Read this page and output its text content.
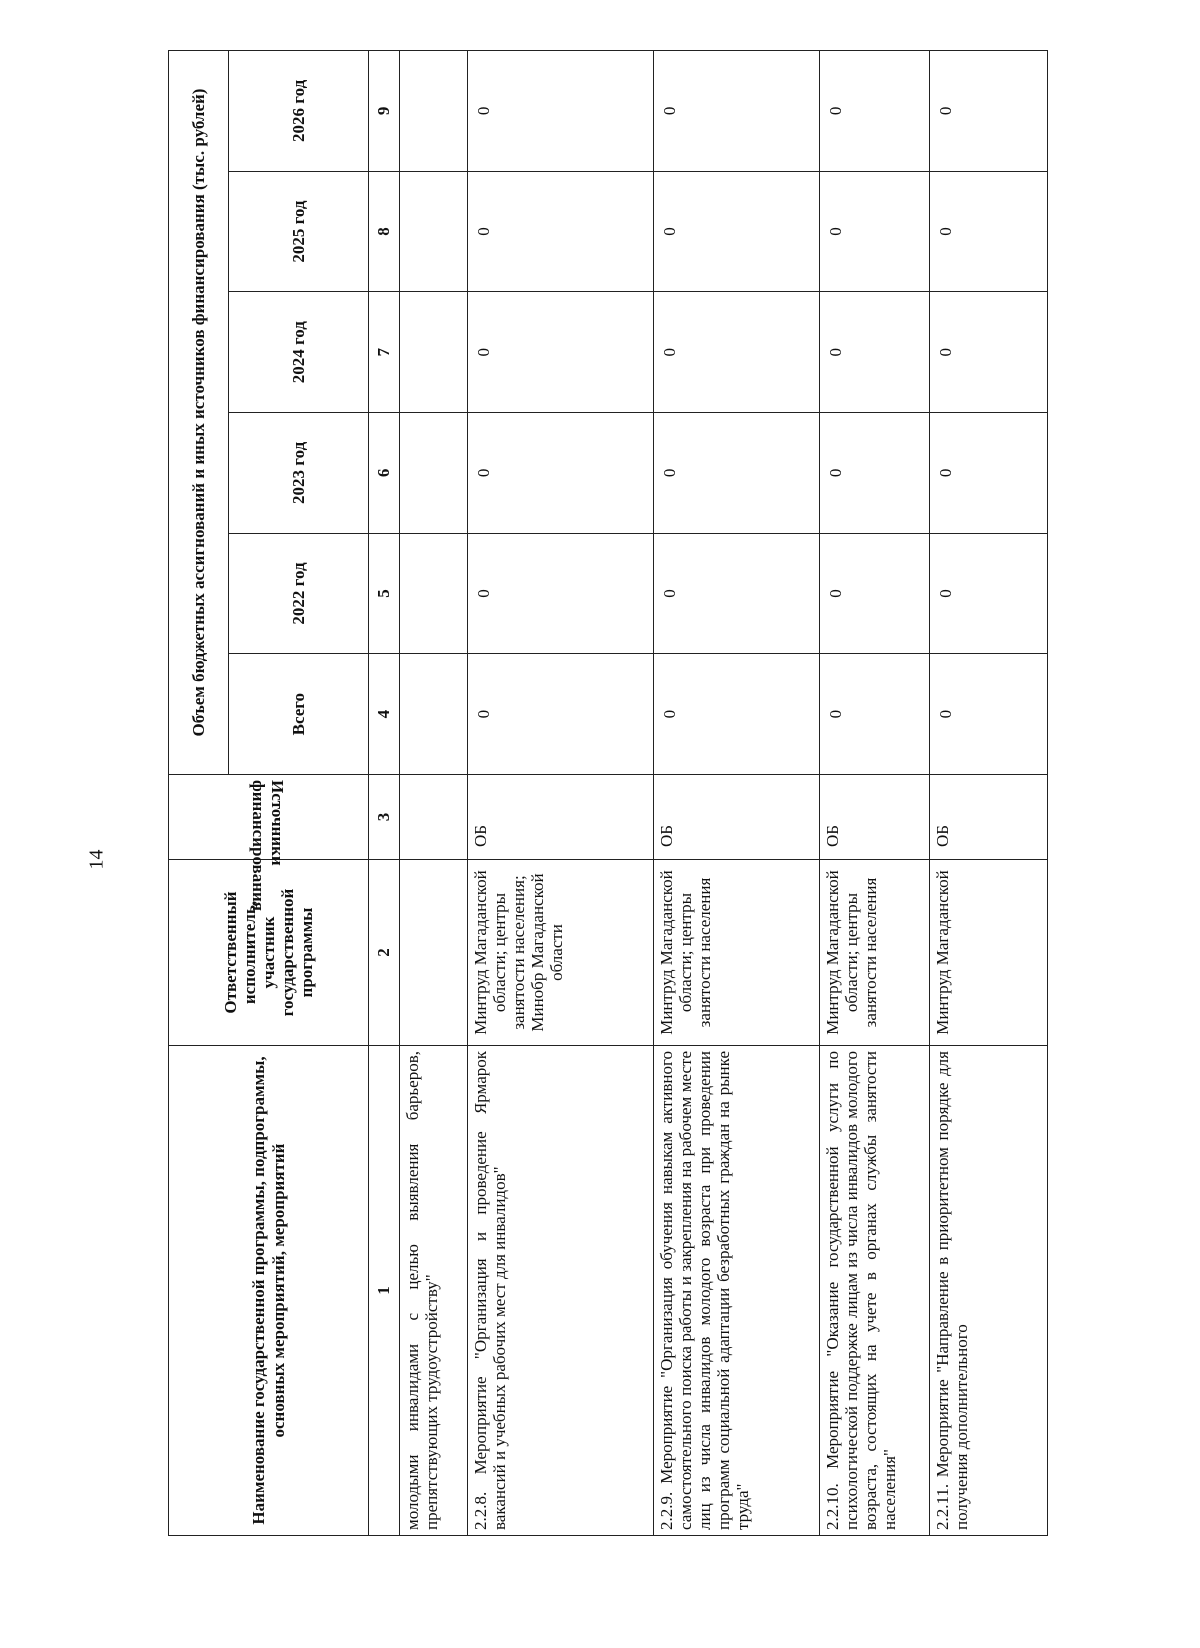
14
Наименование государственной программы, подпрограммы, основных мероприятий, мероприятий	Ответственный исполнитель, участник государственной программы	Источники финансирования	Объем бюджетных ассигнований и иных источников финансирования (тыс. рублей)					
			Всего	2022 год	2023 год	2024 год	2025 год	2026 год
1	2	3	4	5	6	7	8	9
молодыми инвалидами с целью выявления барьеров, препятствующих трудоустройству"								
2.2.8. Мероприятие "Организация и проведение Ярмарок вакансий и учебных рабочих мест для инвалидов"	Минтруд Магаданской области; центры занятости населения; Минобр Магаданской области	ОБ	0	0	0	0	0	0
2.2.9. Мероприятие "Организация обучения навыкам активного самостоятельного поиска работы и закрепления на рабочем месте лиц из числа инвалидов молодого возраста при проведении программ социальной адаптации безработных граждан на рынке труда"	Минтруд Магаданской области; центры занятости населения	ОБ	0	0	0	0	0	0
2.2.10. Мероприятие "Оказание государственной услуги по психологической поддержке лицам из числа инвалидов молодого возраста, состоящих на учете в органах службы занятости населения"	Минтруд Магаданской области; центры занятости населения	ОБ	0	0	0	0	0	0
2.2.11. Мероприятие "Направление в приоритетном порядке для получения дополнительного	Минтруд Магаданской	ОБ	0	0	0	0	0	0
